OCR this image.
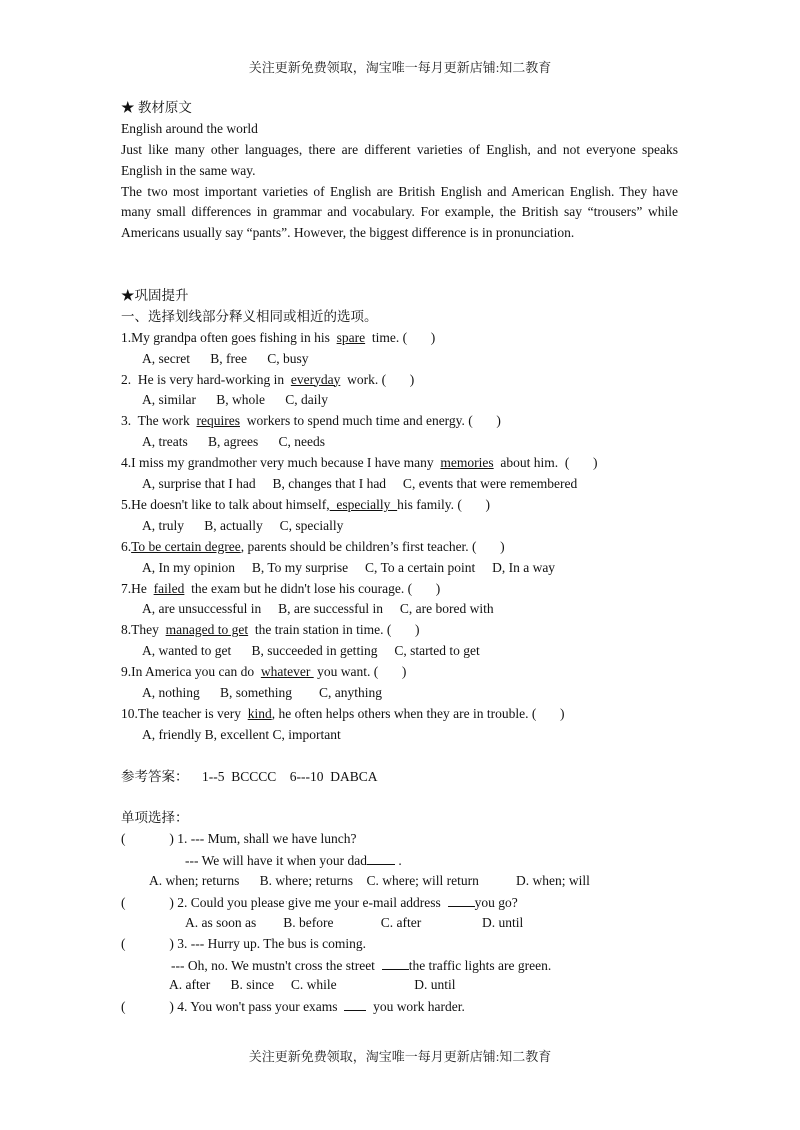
关注更新免费领取，淘宝唯一每月更新店铺:知二教育
★ 教材原文
English around the world
Just like many other languages, there are different varieties of English, and not everyone speaks
English in the same way.
The two most important varieties of English are British English and American English. They have
many small differences in grammar and vocabulary. For example, the British say “trousers” while
Americans usually say “pants”. However, the biggest difference is in pronunciation.
★巩固提升
一、选择划线部分释义相同或相近的选项。
1.My grandpa often goes fishing in his  spare  time. (       )
A, secret      B, free      C, busy
2.  He is very hard-working in  everyday  work. (       )
A, similar      B, whole      C, daily
3.  The work  requires  workers to spend much time and energy. (       )
A, treats      B, agrees      C, needs
4.I miss my grandmother very much because I have many  memories  about him.  (       )
A, surprise that I had     B, changes that I had     C, events that were remembered
5.He doesn't like to talk about himself,  especially  his family. (       )
A, truly      B, actually     C, specially
6.To be certain degree, parents should be children’s first teacher. (       )
A, In my opinion     B, To my surprise     C, To a certain point     D, In a way
7.He  failed  the exam but he didn't lose his courage. (       )
A, are unsuccessful in     B, are successful in     C, are bored with
8.They  managed to get  the train station in time. (       )
A, wanted to get      B, succeeded in getting     C, started to get
9.In America you can do  whatever  you want. (       )
A, nothing      B, something        C, anything
10.The teacher is very  kind, he often helps others when they are in trouble. (       )
A, friendly B, excellent C, important
参考答案：    1--5  BCCCC    6---10  DABCA
单项选择：
(             ) 1. --- Mum, shall we have lunch?
--- We will have it when your dad .
A. when; returns      B. where; returns    C. where; will return           D. when; will
(             ) 2. Could you please give me your e-mail address  you go?
A. as soon as        B. before              C. after                  D. until
(             ) 3. --- Hurry up. The bus is coming.
--- Oh, no. We mustn't cross the street  the traffic lights are green.
A. after      B. since     C. while                       D. until
(             ) 4. You won't pass your exams    you work harder.
关注更新免费领取，淘宝唯一每月更新店铺:知二教育
